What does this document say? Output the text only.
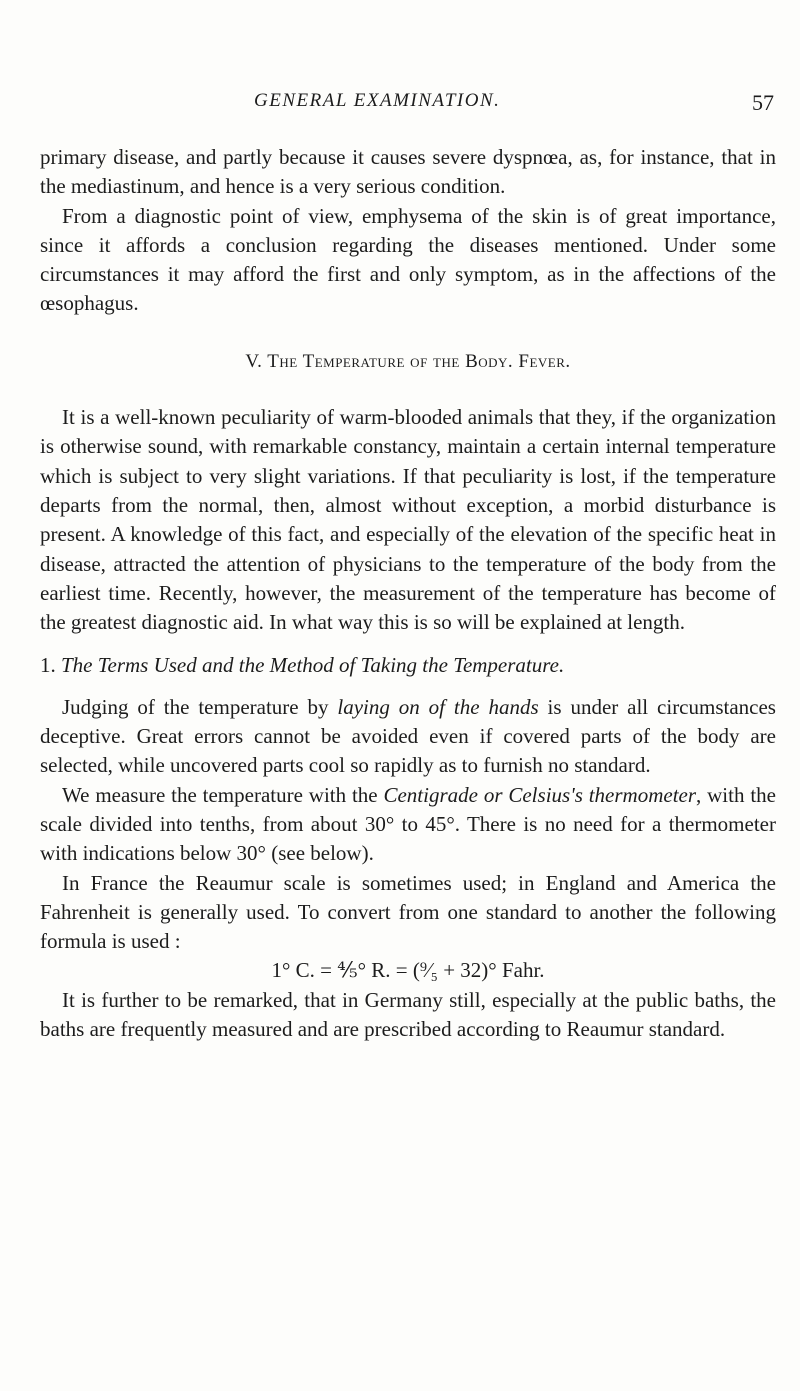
GENERAL EXAMINATION.	57

primary disease, and partly because it causes severe dyspnœa, as, for instance, that in the mediastinum, and hence is a very serious condition.

From a diagnostic point of view, emphysema of the skin is of great importance, since it affords a conclusion regarding the diseases mentioned. Under some circumstances it may afford the first and only symptom, as in the affections of the œsophagus.

V. The Temperature of the Body. Fever.

It is a well-known peculiarity of warm-blooded animals that they, if the organization is otherwise sound, with remarkable constancy, maintain a certain internal temperature which is subject to very slight variations. If that peculiarity is lost, if the temperature departs from the normal, then, almost without exception, a morbid disturbance is present. A knowledge of this fact, and especially of the elevation of the specific heat in disease, attracted the attention of physicians to the temperature of the body from the earliest time. Recently, however, the measurement of the temperature has become of the greatest diagnostic aid. In what way this is so will be explained at length.

1. The Terms Used and the Method of Taking the Temperature.

Judging of the temperature by laying on of the hands is under all circumstances deceptive. Great errors cannot be avoided even if covered parts of the body are selected, while uncovered parts cool so rapidly as to furnish no standard.

We measure the temperature with the Centigrade or Celsius's thermometer, with the scale divided into tenths, from about 30° to 45°. There is no need for a thermometer with indications below 30° (see below).

In France the Reaumur scale is sometimes used; in England and America the Fahrenheit is generally used. To convert from one standard to another the following formula is used :

1° C. = ⅘° R. = (⁹⁄₅ + 32)° Fahr.

It is further to be remarked, that in Germany still, especially at the public baths, the baths are frequently measured and are prescribed according to Reaumur standard.
